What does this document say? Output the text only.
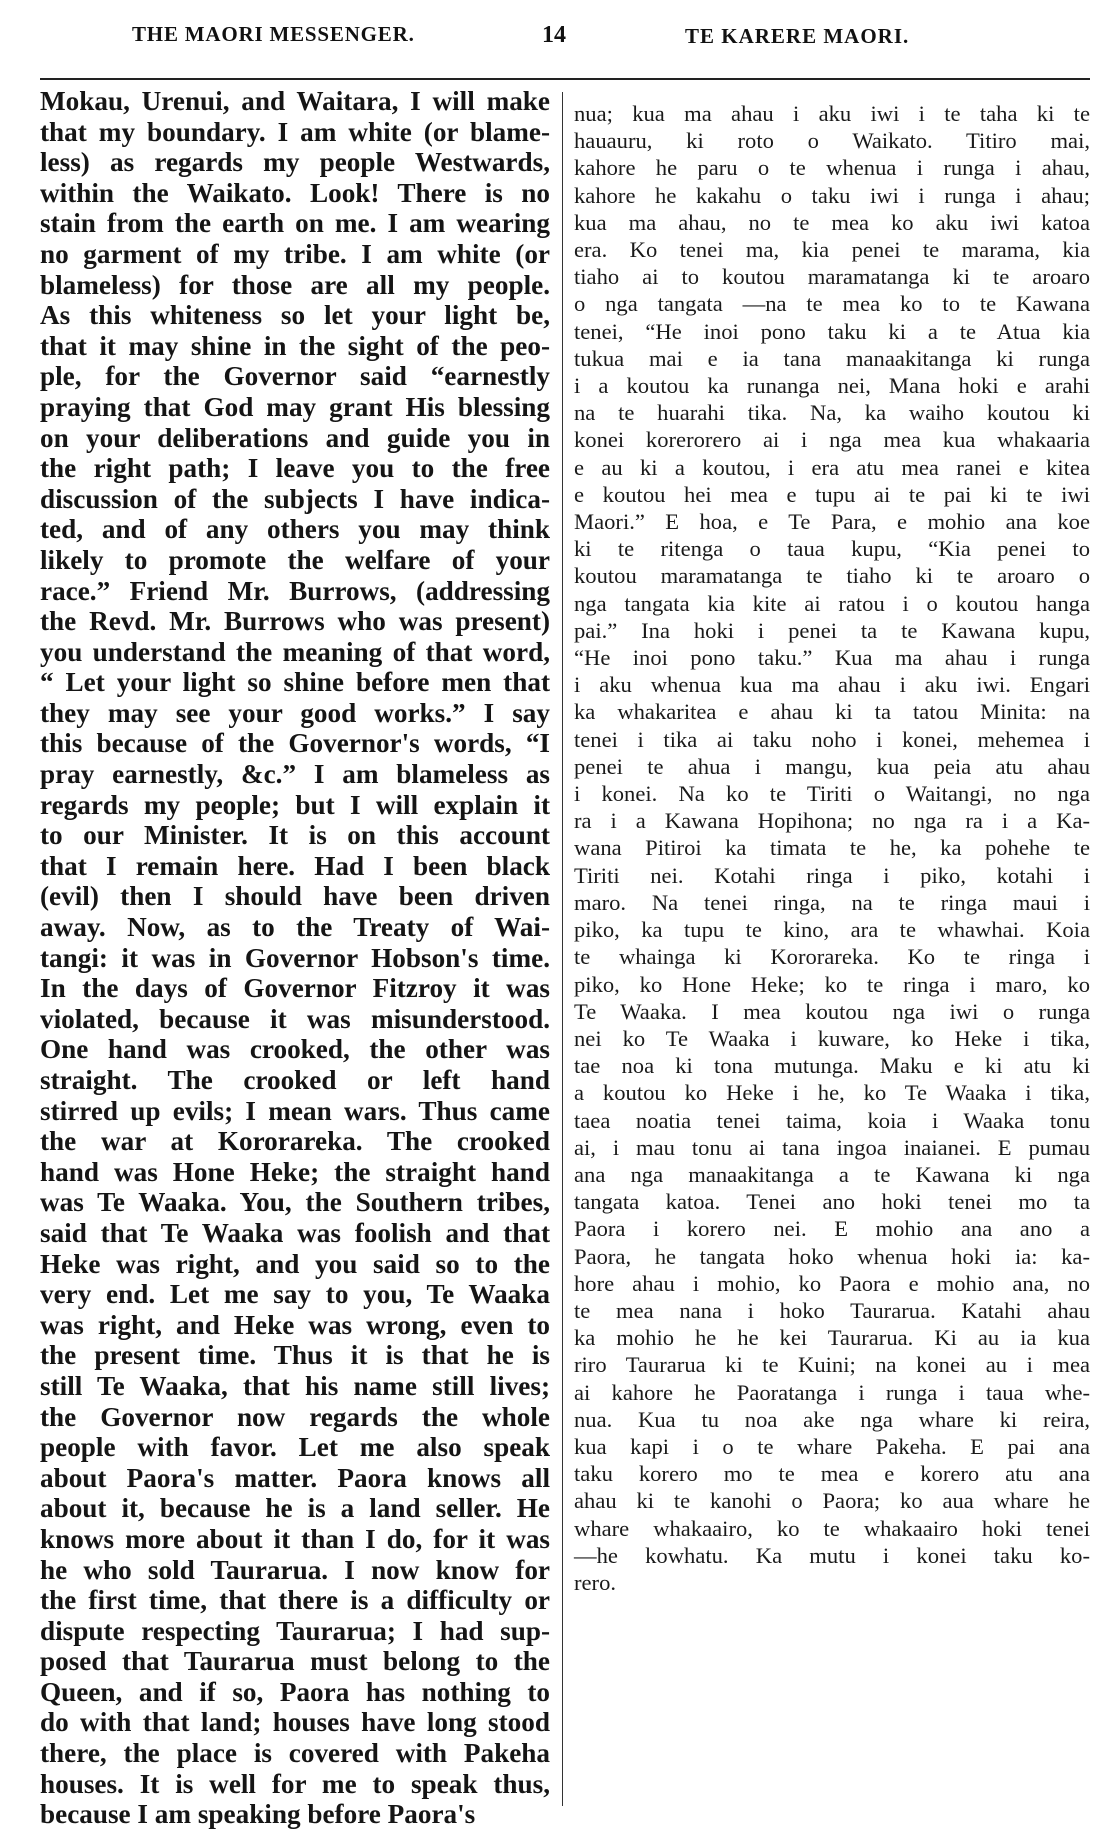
THE MAORI MESSENGER.	14	TE KARERE MAORI.
Mokau, Urenui, and Waitara, I will make
that my boundary. I am white (or blame-
less) as regards my people Westwards,
within the Waikato. Look! There is no
stain from the earth on me. I am wearing
no garment of my tribe. I am white (or
blameless) for those are all my people.
As this whiteness so let your light be,
that it may shine in the sight of the peo-
ple, for the Governor said “earnestly
praying that God may grant His blessing
on your deliberations and guide you in
the right path; I leave you to the free
discussion of the subjects I have indica-
ted, and of any others you may think
likely to promote the welfare of your
race.” Friend Mr. Burrows, (addressing
the Revd. Mr. Burrows who was present)
you understand the meaning of that word,
“ Let your light so shine before men that
they may see your good works.” I say
this because of the Governor's words, “I
pray earnestly, &c.” I am blameless as
regards my people; but I will explain it
to our Minister. It is on this account
that I remain here. Had I been black
(evil) then I should have been driven
away. Now, as to the Treaty of Wai-
tangi: it was in Governor Hobson's time.
In the days of Governor Fitzroy it was
violated, because it was misunderstood.
One hand was crooked, the other was
straight. The crooked or left hand
stirred up evils; I mean wars. Thus came
the war at Kororareka. The crooked
hand was Hone Heke; the straight hand
was Te Waaka. You, the Southern tribes,
said that Te Waaka was foolish and that
Heke was right, and you said so to the
very end. Let me say to you, Te Waaka
was right, and Heke was wrong, even to
the present time. Thus it is that he is
still Te Waaka, that his name still lives;
the Governor now regards the whole
people with favor. Let me also speak
about Paora's matter. Paora knows all
about it, because he is a land seller. He
knows more about it than I do, for it was
he who sold Taurarua. I now know for
the first time, that there is a difficulty or
dispute respecting Taurarua; I had sup-
posed that Taurarua must belong to the
Queen, and if so, Paora has nothing to
do with that land; houses have long stood
there, the place is covered with Pakeha
houses. It is well for me to speak thus,
because I am speaking before Paora's
nua; kua ma ahau i aku iwi i te taha ki te
hauauru, ki roto o Waikato. Titiro mai,
kahore he paru o te whenua i runga i ahau,
kahore he kakahu o taku iwi i runga i ahau;
kua ma ahau, no te mea ko aku iwi katoa
era. Ko tenei ma, kia penei te marama, kia
tiaho ai to koutou maramatanga ki te aroaro
o nga tangata —na te mea ko to te Kawana
tenei, “He inoi pono taku ki a te Atua kia
tukua mai e ia tana manaakitanga ki runga
i a koutou ka runanga nei, Mana hoki e arahi
na te huarahi tika. Na, ka waiho koutou ki
konei korerorero ai i nga mea kua whakaaria
e au ki a koutou, i era atu mea ranei e kitea
e koutou hei mea e tupu ai te pai ki te iwi
Maori.” E hoa, e Te Para, e mohio ana koe
ki te ritenga o taua kupu, “Kia penei to
koutou maramatanga te tiaho ki te aroaro o
nga tangata kia kite ai ratou i o koutou hanga
pai.” Ina hoki i penei ta te Kawana kupu,
“He inoi pono taku.” Kua ma ahau i runga
i aku whenua kua ma ahau i aku iwi. Engari
ka whakaritea e ahau ki ta tatou Minita: na
tenei i tika ai taku noho i konei, mehemea i
penei te ahua i mangu, kua peia atu ahau
i konei. Na ko te Tiriti o Waitangi, no nga
ra i a Kawana Hopihona; no nga ra i a Ka-
wana Pitiroi ka timata te he, ka pohehe te
Tiriti nei. Kotahi ringa i piko, kotahi i
maro. Na tenei ringa, na te ringa maui i
piko, ka tupu te kino, ara te whawhai. Koia
te whainga ki Kororareka. Ko te ringa i
piko, ko Hone Heke; ko te ringa i maro, ko
Te Waaka. I mea koutou nga iwi o runga
nei ko Te Waaka i kuware, ko Heke i tika,
tae noa ki tona mutunga. Maku e ki atu ki
a koutou ko Heke i he, ko Te Waaka i tika,
taea noatia tenei taima, koia i Waaka tonu
ai, i mau tonu ai tana ingoa inaianei. E pumau
ana nga manaakitanga a te Kawana ki nga
tangata katoa. Tenei ano hoki tenei mo ta
Paora i korero nei. E mohio ana ano a
Paora, he tangata hoko whenua hoki ia: ka-
hore ahau i mohio, ko Paora e mohio ana, no
te mea nana i hoko Taurarua. Katahi ahau
ka mohio he he kei Taurarua. Ki au ia kua
riro Taurarua ki te Kuini; na konei au i mea
ai kahore he Paoratanga i runga i taua whe-
nua. Kua tu noa ake nga whare ki reira,
kua kapi i o te whare Pakeha. E pai ana
taku korero mo te mea e korero atu ana
ahau ki te kanohi o Paora; ko aua whare he
whare whakaairo, ko te whakaairo hoki tenei
—he kowhatu. Ka mutu i konei taku ko-
rero.
